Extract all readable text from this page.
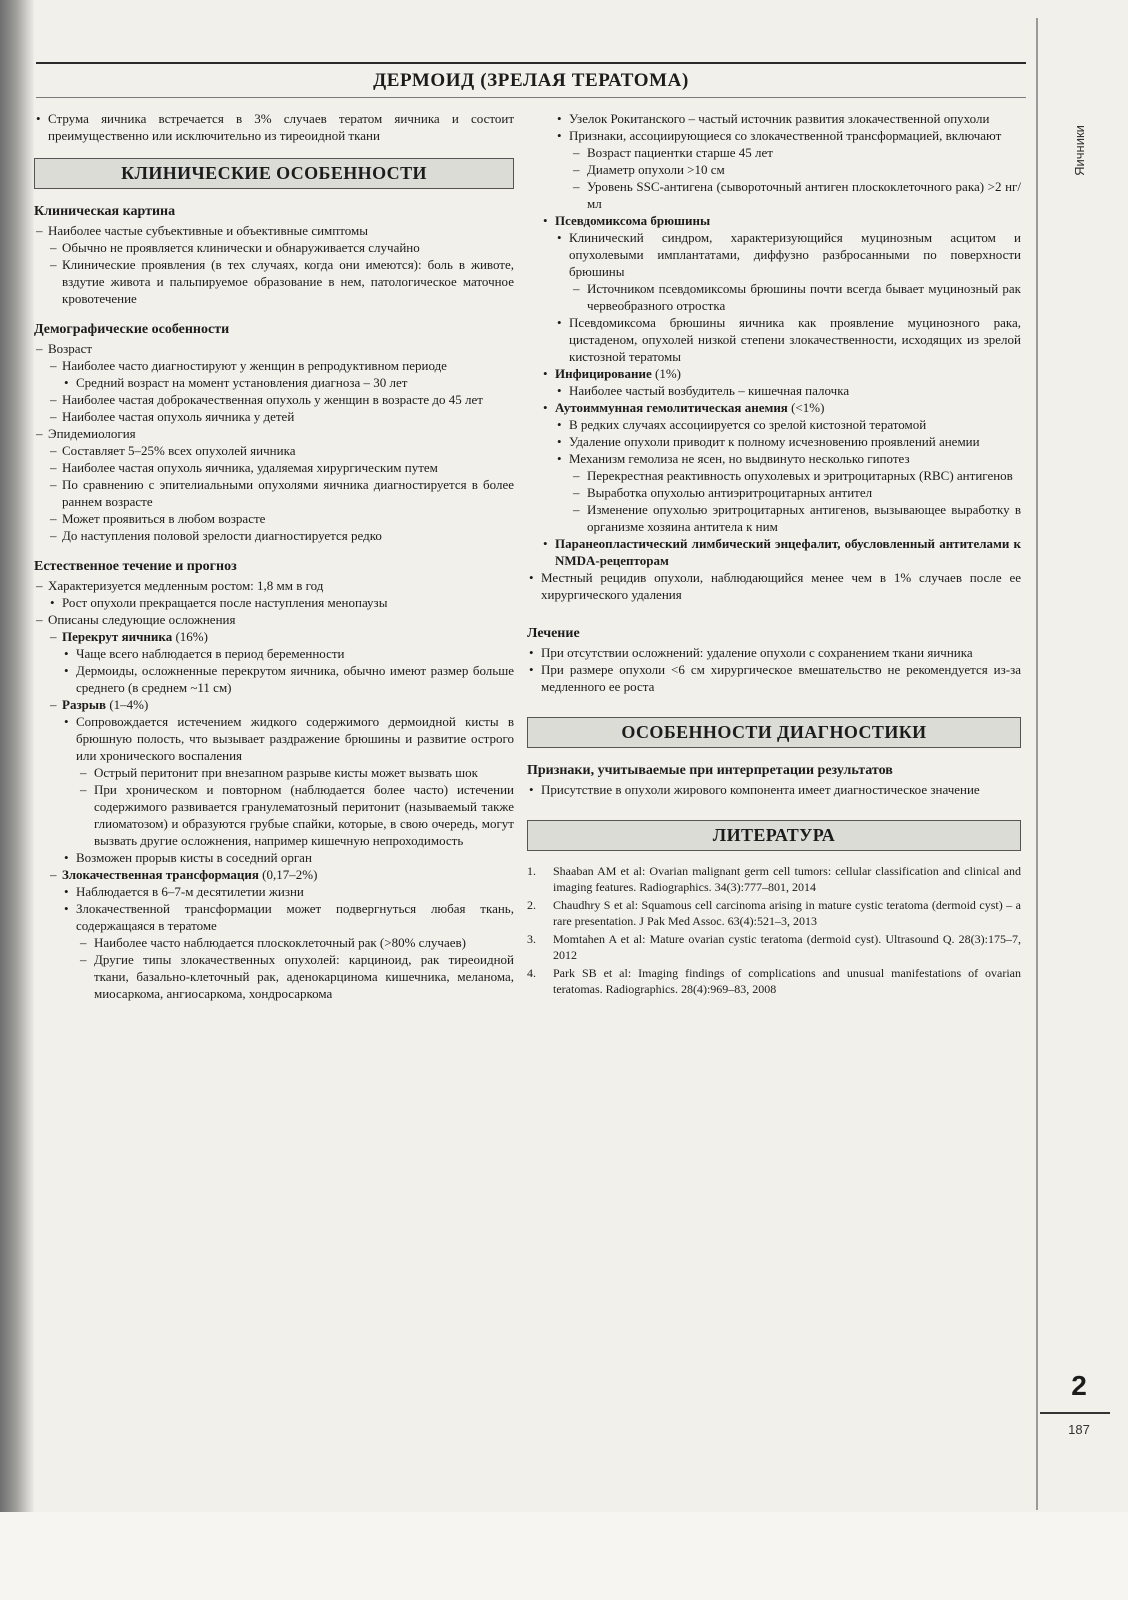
ДЕРМОИД (ЗРЕЛАЯ ТЕРАТОМА)
Яичники
2
187
• Струма яичника встречается в 3% случаев тератом яичника и состоит преимущественно или исключительно из тиреоидной ткани
КЛИНИЧЕСКИЕ ОСОБЕННОСТИ
Клиническая картина
– Наиболее частые субъективные и объективные симптомы
– Обычно не проявляется клинически и обнаруживается случайно
– Клинические проявления (в тех случаях, когда они имеются): боль в животе, вздутие живота и пальпируемое образование в нем, патологическое маточное кровотечение
Демографические особенности
– Возраст
– Наиболее часто диагностируют у женщин в репродуктивном периоде
• Средний возраст на момент установления диагноза – 30 лет
– Наиболее частая доброкачественная опухоль у женщин в возрасте до 45 лет
– Наиболее частая опухоль яичника у детей
– Эпидемиология
– Составляет 5–25% всех опухолей яичника
– Наиболее частая опухоль яичника, удаляемая хирургическим путем
– По сравнению с эпителиальными опухолями яичника диагностируется в более раннем возрасте
– Может проявиться в любом возрасте
– До наступления половой зрелости диагностируется редко
Естественное течение и прогноз
– Характеризуется медленным ростом: 1,8 мм в год
• Рост опухоли прекращается после наступления менопаузы
– Описаны следующие осложнения
– Перекрут яичника (16%)
• Чаще всего наблюдается в период беременности
• Дермоиды, осложненные перекрутом яичника, обычно имеют размер больше среднего (в среднем ~11 см)
– Разрыв (1–4%)
• Сопровождается истечением жидкого содержимого дермоидной кисты в брюшную полость, что вызывает раздражение брюшины и развитие острого или хронического воспаления
– Острый перитонит при внезапном разрыве кисты может вызвать шок
– При хроническом и повторном (наблюдается более часто) истечении содержимого развивается гранулематозный перитонит (называемый также глиоматозом) и образуются грубые спайки, которые, в свою очередь, могут вызвать другие осложнения, например кишечную непроходимость
• Возможен прорыв кисты в соседний орган
– Злокачественная трансформация (0,17–2%)
• Наблюдается в 6–7-м десятилетии жизни
• Злокачественной трансформации может подвергнуться любая ткань, содержащаяся в тератоме
– Наиболее часто наблюдается плоскоклеточный рак (>80% случаев)
– Другие типы злокачественных опухолей: карциноид, рак тиреоидной ткани, базально-клеточный рак, аденокарцинома кишечника, меланома, миосаркома, ангиосаркома, хондросаркома
• Узелок Рокитанского – частый источник развития злокачественной опухоли
• Признаки, ассоциирующиеся со злокачественной трансформацией, включают
– Возраст пациентки старше 45 лет
– Диаметр опухоли >10 см
– Уровень SSC-антигена (сывороточный антиген плоскоклеточного рака) >2 нг/мл
• Псевдомиксома брюшины
• Клинический синдром, характеризующийся муцинозным асцитом и опухолевыми имплантатами, диффузно разбросанными по поверхности брюшины
– Источником псевдомиксомы брюшины почти всегда бывает муцинозный рак червеобразного отростка
• Псевдомиксома брюшины яичника как проявление муцинозного рака, цистаденом, опухолей низкой степени злокачественности, исходящих из зрелой кистозной тератомы
• Инфицирование (1%)
• Наиболее частый возбудитель – кишечная палочка
• Аутоиммунная гемолитическая анемия (<1%)
• В редких случаях ассоциируется со зрелой кистозной тератомой
• Удаление опухоли приводит к полному исчезновению проявлений анемии
• Механизм гемолиза не ясен, но выдвинуто несколько гипотез
– Перекрестная реактивность опухолевых и эритроцитарных (RBC) антигенов
– Выработка опухолью антиэритроцитарных антител
– Изменение опухолью эритроцитарных антигенов, вызывающее выработку в организме хозяина антитела к ним
• Паранеопластический лимбический энцефалит, обусловленный антителами к NMDA-рецепторам
• Местный рецидив опухоли, наблюдающийся менее чем в 1% случаев после ее хирургического удаления
Лечение
• При отсутствии осложнений: удаление опухоли с сохранением ткани яичника
• При размере опухоли <6 см хирургическое вмешательство не рекомендуется из-за медленного ее роста
ОСОБЕННОСТИ ДИАГНОСТИКИ
Признаки, учитываемые при интерпретации результатов
• Присутствие в опухоли жирового компонента имеет диагностическое значение
ЛИТЕРАТУРА
1. Shaaban AM et al: Ovarian malignant germ cell tumors: cellular classification and clinical and imaging features. Radiographics. 34(3):777–801, 2014
2. Chaudhry S et al: Squamous cell carcinoma arising in mature cystic teratoma (dermoid cyst) – a rare presentation. J Pak Med Assoc. 63(4):521–3, 2013
3. Momtahen A et al: Mature ovarian cystic teratoma (dermoid cyst). Ultrasound Q. 28(3):175–7, 2012
4. Park SB et al: Imaging findings of complications and unusual manifestations of ovarian teratomas. Radiographics. 28(4):969–83, 2008
